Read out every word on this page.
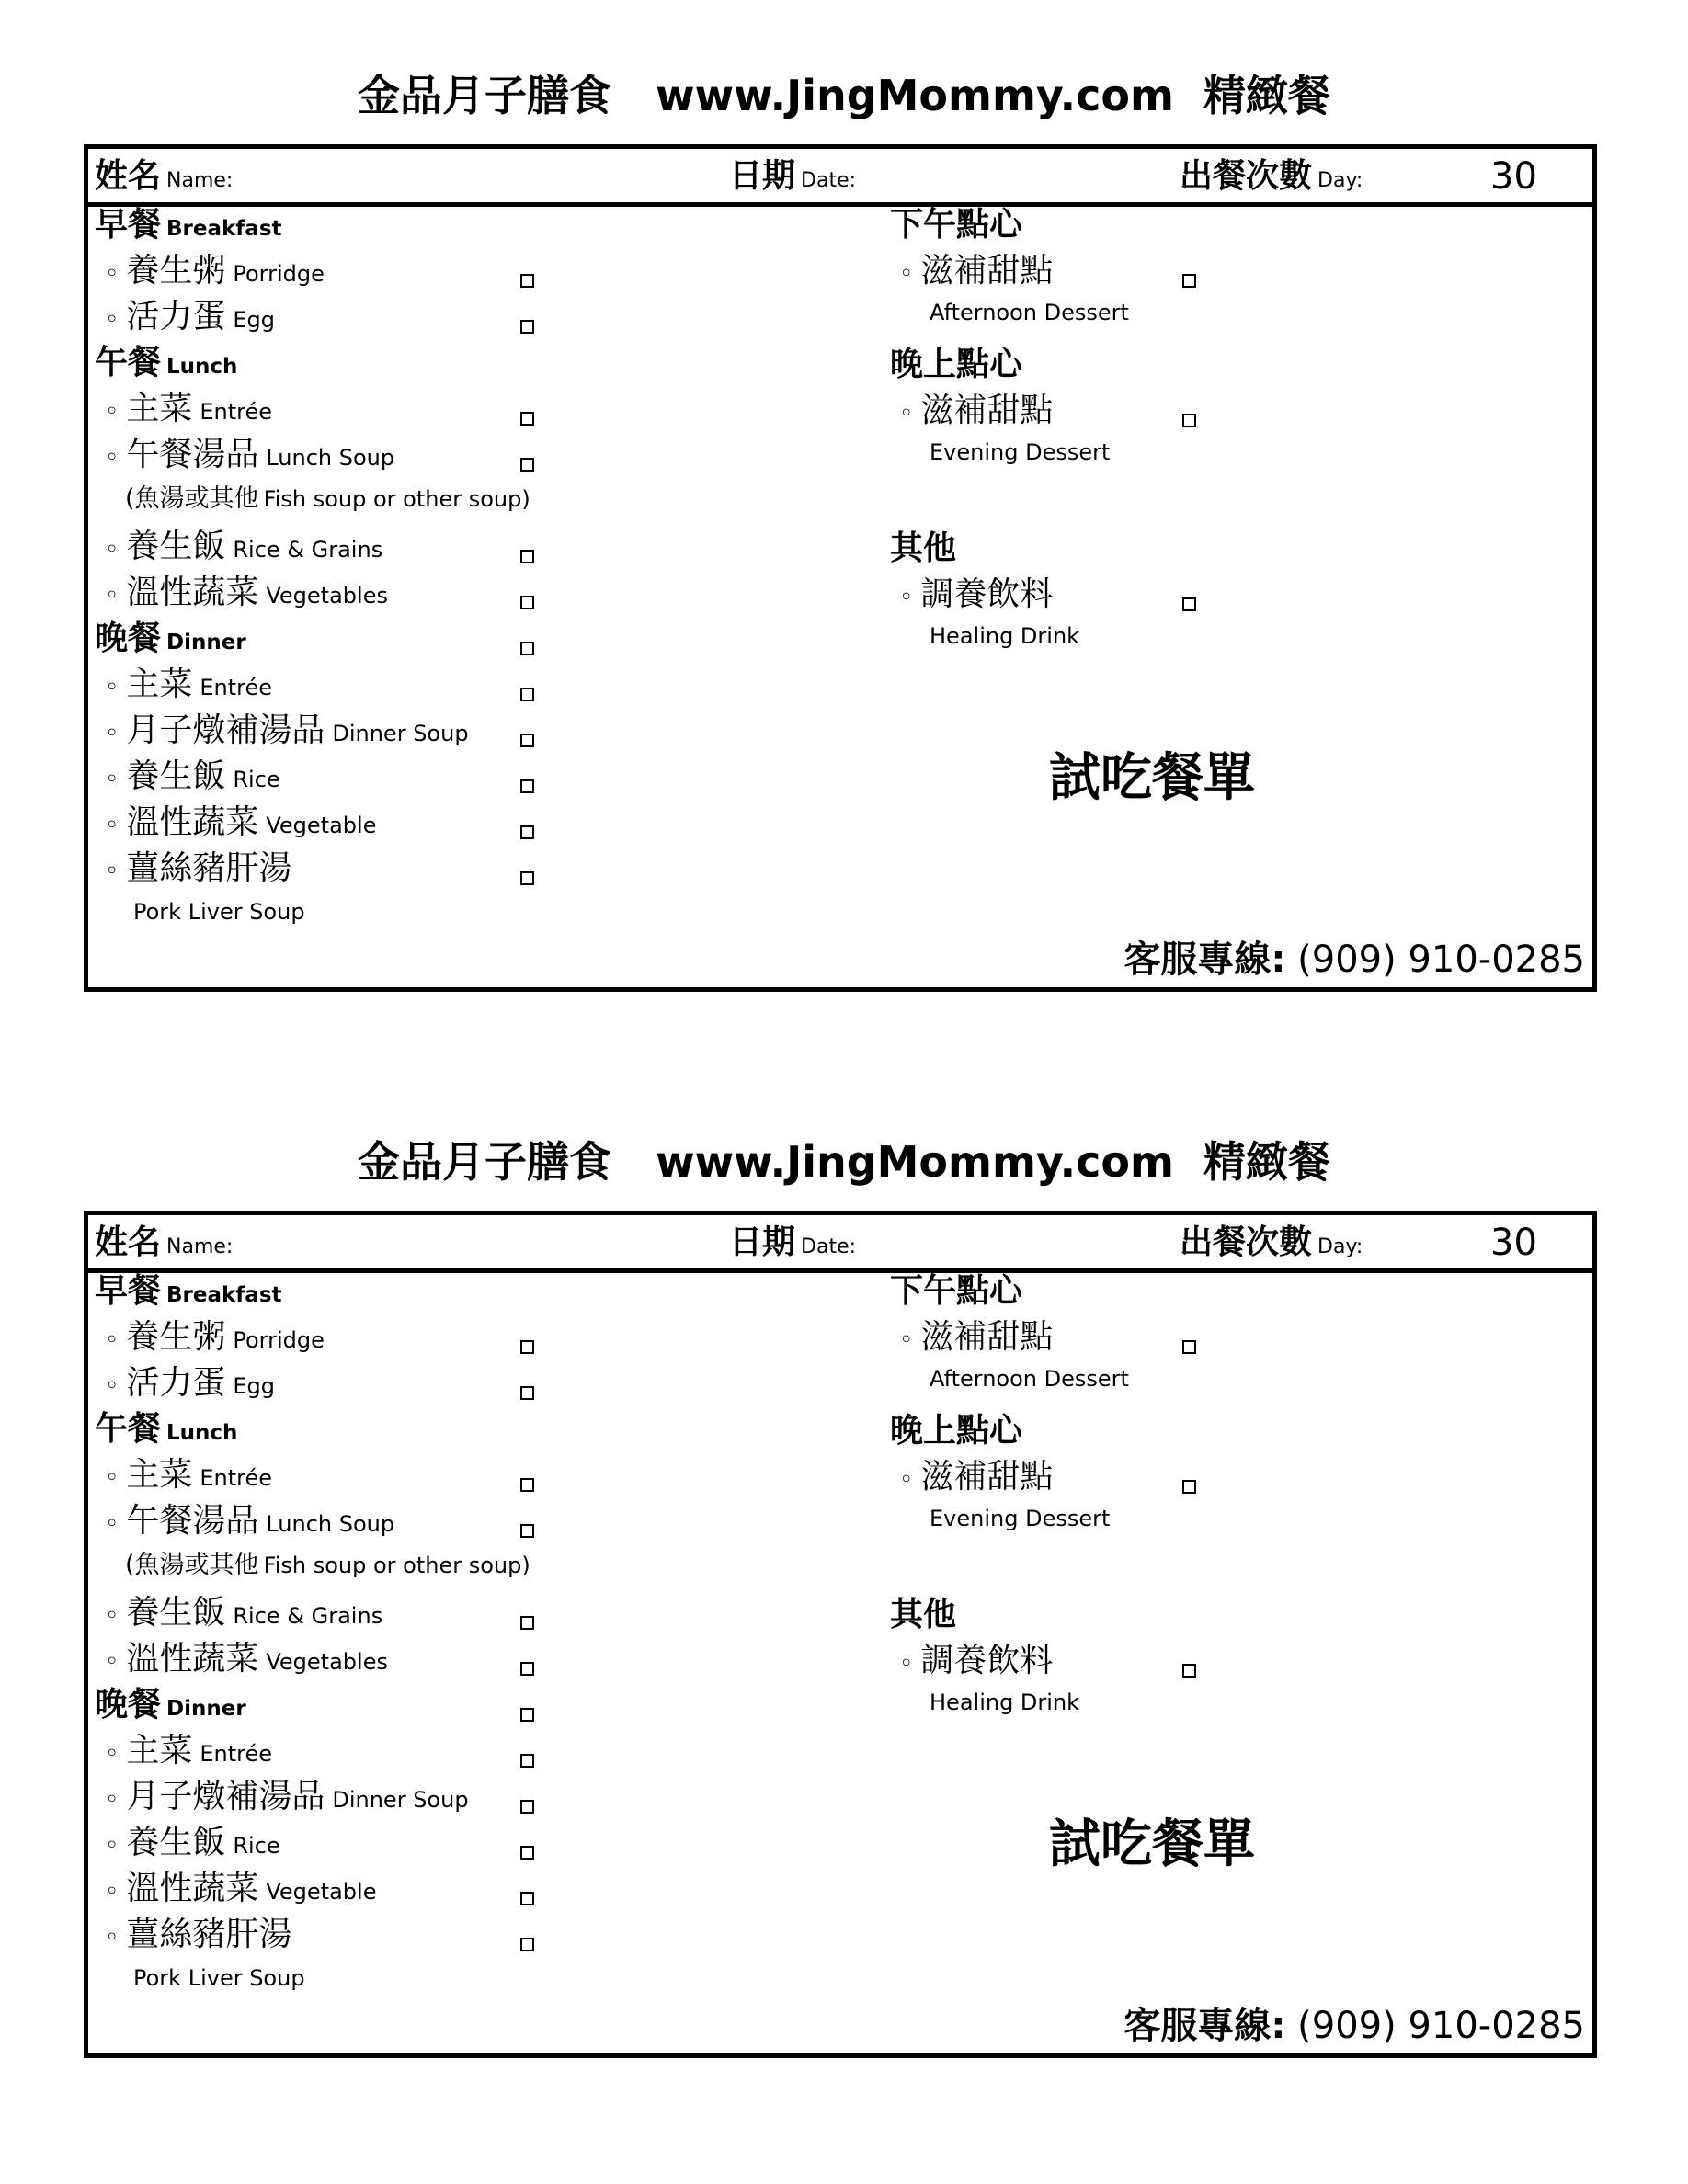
金品月子膳食   www.JingMommy.com  精緻餐
姓名 Name:	日期 Date:	出餐次數 Day:	30
早餐 Breakfast
◦ 養生粥 Porridge
◦ 活力蛋 Egg
午餐 Lunch
◦ 主菜 Entrée
◦ 午餐湯品 Lunch Soup
(魚湯或其他 Fish soup or other soup)
◦ 養生飯 Rice & Grains
◦ 溫性蔬菜 Vegetables
晚餐 Dinner
◦ 主菜 Entrée
◦ 月子燉補湯品 Dinner Soup
◦ 養生飯 Rice
◦ 溫性蔬菜 Vegetable
◦ 薑絲豬肝湯
Pork Liver Soup
下午點心
◦ 滋補甜點
Afternoon Dessert
晚上點心
◦ 滋補甜點
Evening Dessert
其他
◦ 調養飲料
Healing Drink
試吃餐單
客服專線: (909) 910-0285
金品月子膳食   www.JingMommy.com  精緻餐
姓名 Name:	日期 Date:	出餐次數 Day:	30
早餐 Breakfast
◦ 養生粥 Porridge
◦ 活力蛋 Egg
午餐 Lunch
◦ 主菜 Entrée
◦ 午餐湯品 Lunch Soup
(魚湯或其他 Fish soup or other soup)
◦ 養生飯 Rice & Grains
◦ 溫性蔬菜 Vegetables
晚餐 Dinner
◦ 主菜 Entrée
◦ 月子燉補湯品 Dinner Soup
◦ 養生飯 Rice
◦ 溫性蔬菜 Vegetable
◦ 薑絲豬肝湯
Pork Liver Soup
下午點心
◦ 滋補甜點
Afternoon Dessert
晚上點心
◦ 滋補甜點
Evening Dessert
其他
◦ 調養飲料
Healing Drink
試吃餐單
客服專線: (909) 910-0285
